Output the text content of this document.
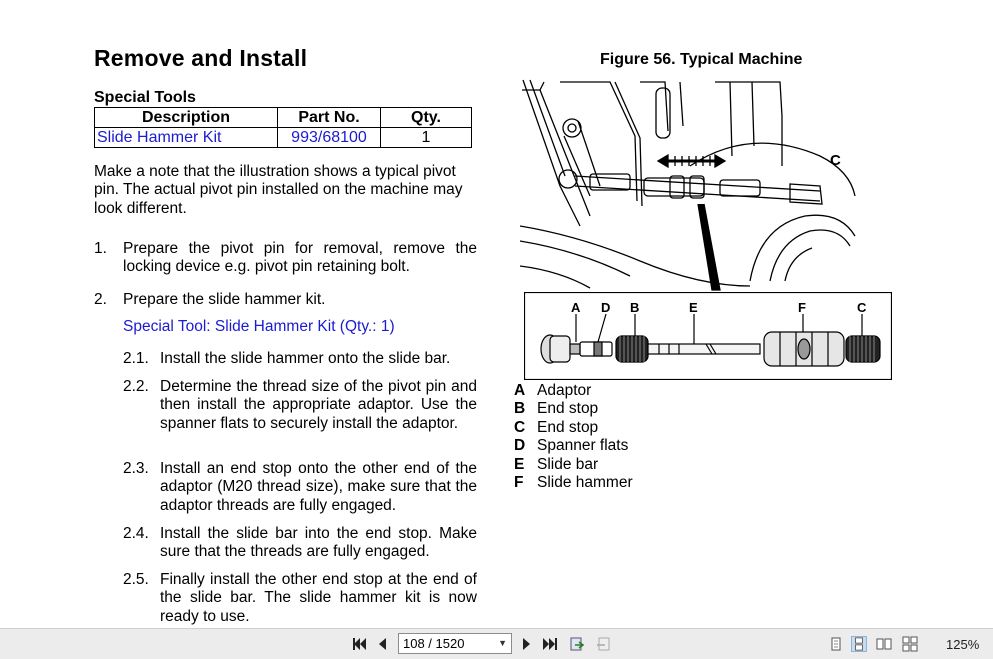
Remove and Install
Special Tools
Description	Part No.	Qty.
Slide Hammer Kit	993/68100	1
Make a note that the illustration shows a typical pivot pin. The actual pivot pin installed on the machine may look different.
1. Prepare the pivot pin for removal, remove the locking device e.g. pivot pin retaining bolt.
2. Prepare the slide hammer kit.
Special Tool: Slide Hammer Kit (Qty.: 1)
2.1. Install the slide hammer onto the slide bar.
2.2. Determine the thread size of the pivot pin and then install the appropriate adaptor. Use the spanner flats to securely install the adaptor.
2.3. Install an end stop onto the other end of the adaptor (M20 thread size), make sure that the adaptor threads are fully engaged.
2.4. Install the slide bar into the end stop. Make sure that the threads are fully engaged.
2.5. Finally install the other end stop at the end of the slide bar. The slide hammer kit is now ready to use.
Figure 56. Typical Machine
C
A D B	E	F	C
A Adaptor
B End stop
C End stop
D Spanner flats
E Slide bar
F Slide hammer
108 / 1520	▼	125%
